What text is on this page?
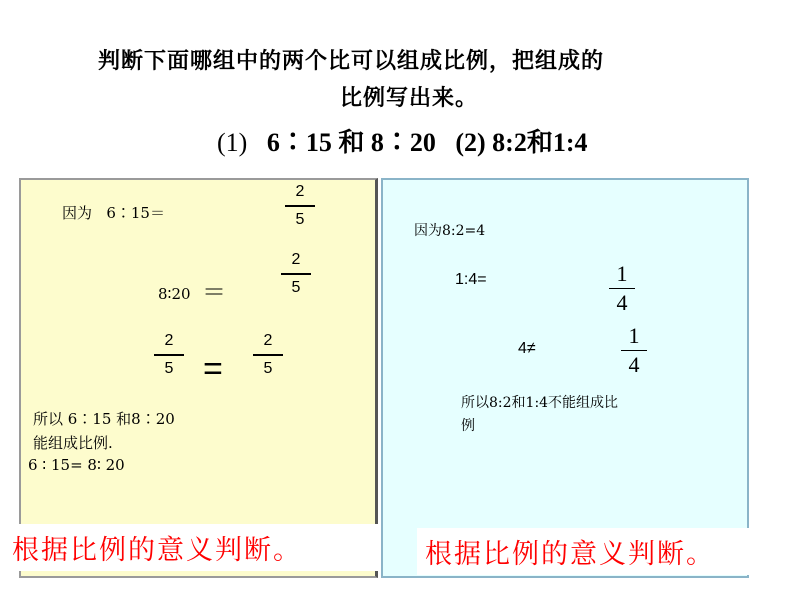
判断下面哪组中的两个比可以组成比例，把组成的
比例写出来。
(1) 6∶15 和 8∶20 (2) 8:2和1:4
因为 6∶15＝
2
5
8∶20 ＝
2
5
2
5 =
2
5
所以 6∶15 和8∶20
能组成比例.
6 ∶ 15= 8∶ 20
根据比例的意义判断。
因为8:2=4
1:4=	1
4
4≠
1
4
所以8:2和1:4不能组成比
例
根据比例的意义判断。
